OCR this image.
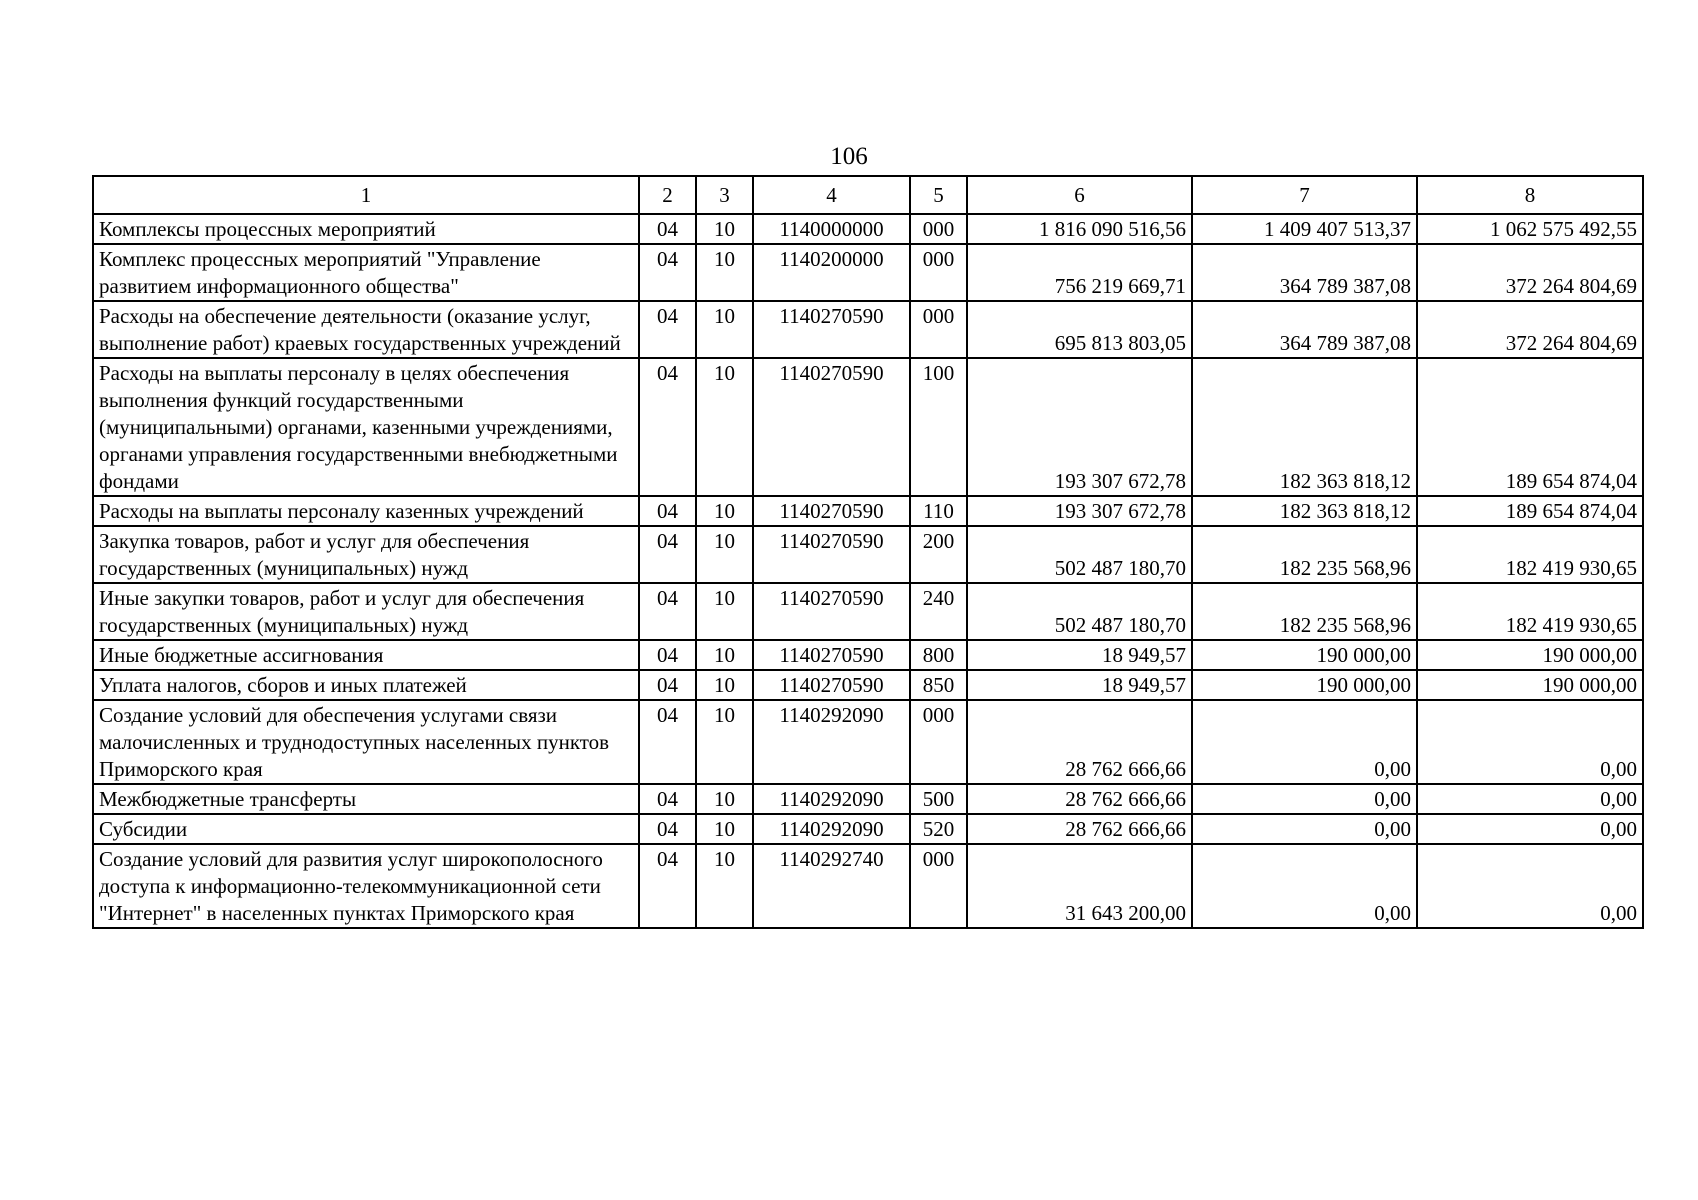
106
1	2	3	4	5	6	7	8
Комплексы процессных мероприятий	04	10	1140000000	000	1 816 090 516,56	1 409 407 513,37	1 062 575 492,55
Комплекс процессных мероприятий "Управление развитием информационного общества"	04	10	1140200000	000	756 219 669,71	364 789 387,08	372 264 804,69
Расходы на обеспечение деятельности (оказание услуг, выполнение работ) краевых государственных учреждений	04	10	1140270590	000	695 813 803,05	364 789 387,08	372 264 804,69
Расходы на выплаты персоналу в целях обеспечения выполнения функций государственными (муниципальными) органами, казенными учреждениями, органами управления государственными внебюджетными фондами	04	10	1140270590	100	193 307 672,78	182 363 818,12	189 654 874,04
Расходы на выплаты персоналу казенных учреждений	04	10	1140270590	110	193 307 672,78	182 363 818,12	189 654 874,04
Закупка товаров, работ и услуг для обеспечения государственных (муниципальных) нужд	04	10	1140270590	200	502 487 180,70	182 235 568,96	182 419 930,65
Иные закупки товаров, работ и услуг для обеспечения государственных (муниципальных) нужд	04	10	1140270590	240	502 487 180,70	182 235 568,96	182 419 930,65
Иные бюджетные ассигнования	04	10	1140270590	800	18 949,57	190 000,00	190 000,00
Уплата налогов, сборов и иных платежей	04	10	1140270590	850	18 949,57	190 000,00	190 000,00
Создание условий для обеспечения услугами связи малочисленных и труднодоступных населенных пунктов Приморского края	04	10	1140292090	000	28 762 666,66	0,00	0,00
Межбюджетные трансферты	04	10	1140292090	500	28 762 666,66	0,00	0,00
Субсидии	04	10	1140292090	520	28 762 666,66	0,00	0,00
Создание условий для развития услуг широкополосного доступа к информационно-телекоммуникационной сети "Интернет" в населенных пунктах Приморского края	04	10	1140292740	000	31 643 200,00	0,00	0,00
